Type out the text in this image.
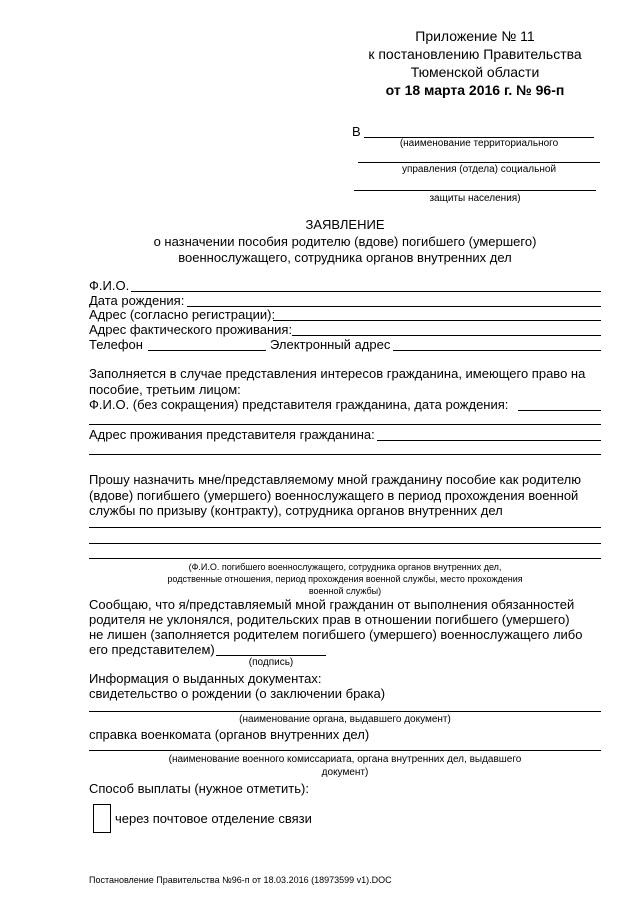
Приложение № 11
к постановлению Правительства
Тюменской области
от 18 марта 2016 г. № 96-п
В
(наименование территориального
управления (отдела) социальной
защиты населения)
ЗАЯВЛЕНИЕ
о назначении пособия родителю (вдове) погибшего (умершего)
военнослужащего, сотрудника органов внутренних дел
Ф.И.О.
Дата рождения:
Адрес (согласно регистрации):
Адрес фактического проживания:
Телефон	Электронный адрес
Заполняется в случае представления интересов гражданина, имеющего право на
пособие, третьим лицом:
Ф.И.О. (без сокращения) представителя гражданина, дата рождения:
Адрес проживания представителя гражданина:
Прошу назначить мне/представляемому мной гражданину пособие как родителю
(вдове) погибшего (умершего) военнослужащего в период прохождения военной
службы по призыву (контракту), сотрудника органов внутренних дел
(Ф.И.О. погибшего военнослужащего, сотрудника органов внутренних дел,
родственные отношения, период прохождения военной службы, место прохождения
военной службы)
Сообщаю, что я/представляемый мной гражданин от выполнения обязанностей
родителя не уклонялся, родительских прав в отношении погибшего (умершего)
не лишен (заполняется родителем погибшего (умершего) военнослужащего либо
его представителем)
(подпись)
Информация о выданных документах:
свидетельство о рождении (о заключении брака)
(наименование органа, выдавшего документ)
справка военкомата (органов внутренних дел)
(наименование военного комиссариата, органа внутренних дел, выдавшего
документ)
Способ выплаты (нужное отметить):
через почтовое отделение связи
Постановление Правительства №96-п от 18.03.2016 (18973599 v1).DOC
